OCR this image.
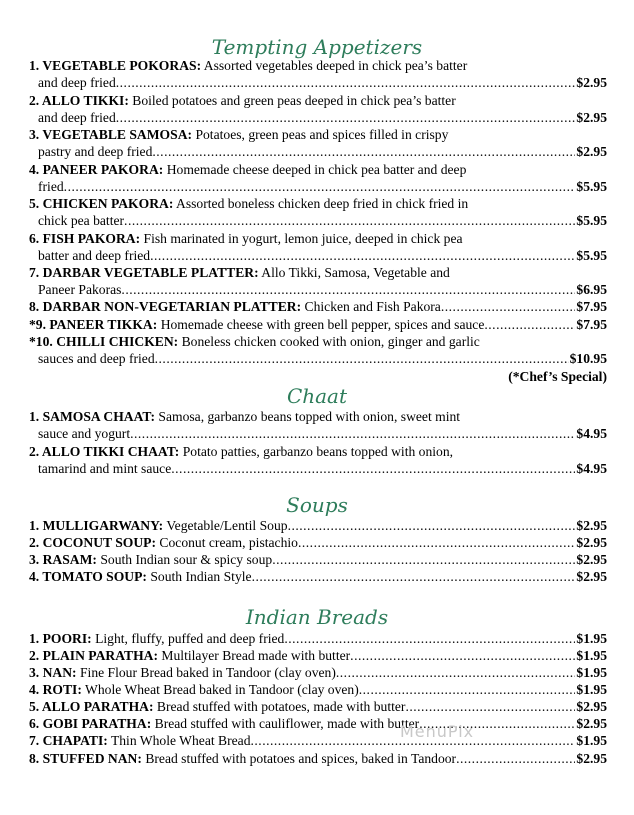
Tempting Appetizers
1. VEGETABLE POKORAS: Assorted vegetables deeped in chick pea’s batter
and deep fried .....	$2.95
2. ALLO TIKKI: Boiled potatoes and green peas deeped in chick pea’s batter
and deep fried .....	$2.95
3. VEGETABLE SAMOSA: Potatoes, green peas and spices filled in crispy
pastry and deep fried .....	$2.95
4. PANEER PAKORA: Homemade cheese deeped in chick pea batter and deep
fried .....	$5.95
5. CHICKEN PAKORA: Assorted boneless chicken deep fried in chick fried in
chick pea batter .....	$5.95
6. FISH PAKORA: Fish marinated in yogurt, lemon juice, deeped in chick pea
batter and deep fried .....	$5.95
7. DARBAR VEGETABLE PLATTER: Allo Tikki, Samosa, Vegetable and
Paneer Pakoras .....	$6.95
8. DARBAR NON-VEGETARIAN PLATTER: Chicken and Fish Pakora .....	$7.95
*9. PANEER TIKKA: Homemade cheese with green bell pepper, spices and sauce .....	$7.95
*10. CHILLI CHICKEN: Boneless chicken cooked with onion, ginger and garlic
sauces and deep fried .....	$10.95
(*Chef’s Special)
Chaat
1. SAMOSA CHAAT: Samosa, garbanzo beans topped with onion, sweet mint
sauce and yogurt .....	$4.95
2. ALLO TIKKI CHAAT: Potato patties, garbanzo beans topped with onion,
tamarind and mint sauce .....	$4.95
Soups
1. MULLIGARWANY: Vegetable/Lentil Soup .....	$2.95
2. COCONUT SOUP: Coconut cream, pistachio .....	$2.95
3. RASAM: South Indian sour & spicy soup .....	$2.95
4. TOMATO SOUP: South Indian Style .....	$2.95
Indian Breads
1. POORI: Light, fluffy, puffed and deep fried .....	$1.95
2. PLAIN PARATHA: Multilayer Bread made with butter .....	$1.95
3. NAN: Fine Flour Bread baked in Tandoor (clay oven) .....	$1.95
4. ROTI: Whole Wheat Bread baked in Tandoor (clay oven) .....	$1.95
5. ALLO PARATHA: Bread stuffed with potatoes, made with butter .....	$2.95
6. GOBI PARATHA: Bread stuffed with cauliflower, made with butter .....	$2.95
7. CHAPATI: Thin Whole Wheat Bread .....	$1.95
8. STUFFED NAN: Bread stuffed with potatoes and spices, baked in Tandoor .....	$2.95
MenuPix
